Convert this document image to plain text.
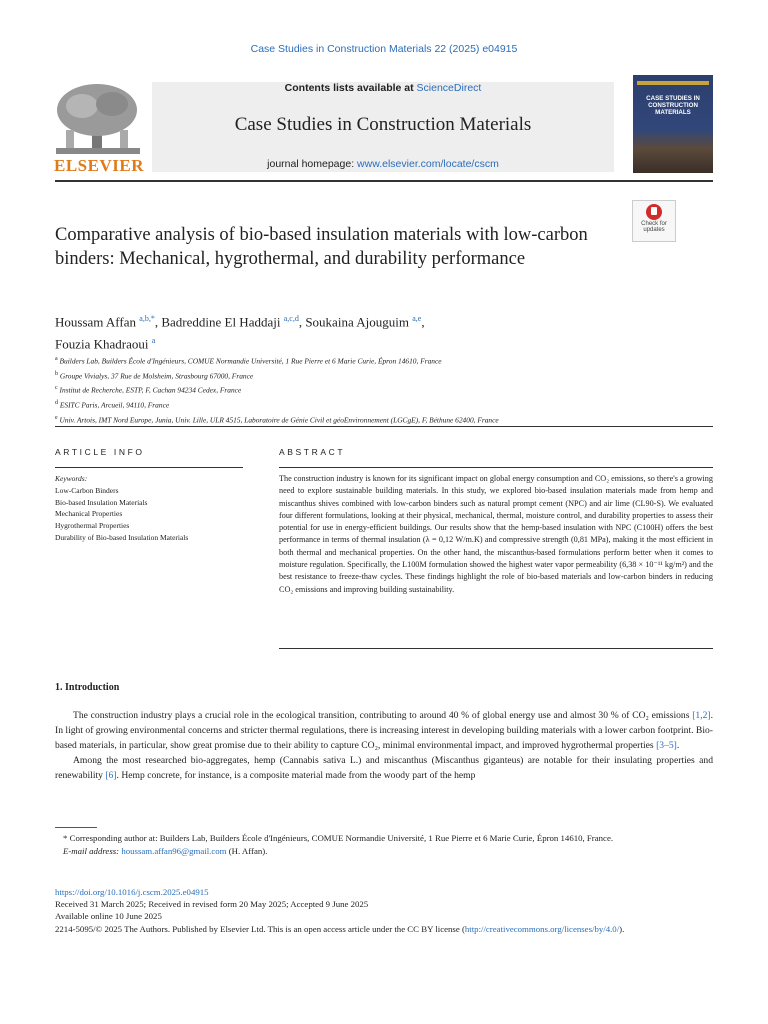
Case Studies in Construction Materials 22 (2025) e04915
ELSEVIER
Contents lists available at ScienceDirect
Case Studies in Construction Materials
journal homepage: www.elsevier.com/locate/cscm
CASE STUDIES IN CONSTRUCTION MATERIALS
Check for updates
Comparative analysis of bio-based insulation materials with low-carbon binders: Mechanical, hygrothermal, and durability performance
Houssam Affan $^{a,b,*}$, Badreddine El Haddaji $^{a,c,d}$, Soukaina Ajouguim $^{a,e}$,
Fouzia Khadraoui $^a$
$^a$ Builders Lab, Builders École d'Ingénieurs, COMUE Normandie Université, 1 Rue Pierre et 6 Marie Curie, Épron 14610, France
$^b$ Groupe Vivialys, 37 Rue de Molsheim, Strasbourg 67000, France
$^c$ Institut de Recherche, ESTP, F, Cachan 94234 Cedex, France
$^d$ ESITC Paris, Arcueil, 94110, France
$^e$ Univ. Artois, IMT Nord Europe, Junia, Univ. Lille, ULR 4515, Laboratoire de Génie Civil et géoEnvironnement (LGCgE), F, Béthune 62400, France
ARTICLE INFO	ABSTRACT
Keywords:
Low-Carbon Binders
Bio-based Insulation Materials
Mechanical Properties
Hygrothermal Properties
Durability of Bio-based Insulation Materials
The construction industry is known for its significant impact on global energy consumption and CO₂ emissions, so there's a growing need to explore sustainable building materials. In this study, we explored bio-based insulation materials made from hemp and miscanthus shives combined with low-carbon binders such as natural prompt cement (NPC) and air lime (CL90-S). We evaluated four different formulations, looking at their physical, mechanical, thermal, moisture control, and durability properties to assess their potential for use in energy-efficient buildings. Our results show that the hemp-based insulation with NPC (C100H) offers the best performance in terms of thermal insulation (λ = 0,12 W/m.K) and compressive strength (0,81 MPa), making it the most efficient in both thermal and mechanical properties. On the other hand, the miscanthus-based formulations perform better when it comes to moisture regulation. Specifically, the L100M formulation showed the highest water vapor permeability (6,38 × 10⁻¹¹ kg/m²) and the best resistance to freeze-thaw cycles. These findings highlight the role of bio-based materials and low-carbon binders in reducing CO₂ emissions and improving building sustainability.
1. Introduction

The construction industry plays a crucial role in the ecological transition, contributing to around 40 % of global energy use and almost 30 % of CO₂ emissions [1,2]. In light of growing environmental concerns and stricter thermal regulations, there is increasing interest in developing building materials with a lower carbon footprint. Bio-based materials, in particular, show great promise due to their ability to capture CO₂, minimal environmental impact, and improved hygrothermal properties [3–5].

Among the most researched bio-aggregates, hemp (Cannabis sativa L.) and miscanthus (Miscanthus giganteus) are notable for their insulating properties and renewability [6]. Hemp concrete, for instance, is a composite material made from the woody part of the hemp

* Corresponding author at: Builders Lab, Builders École d'Ingénieurs, COMUE Normandie Université, 1 Rue Pierre et 6 Marie Curie, Épron 14610, France.

E-mail address: houssam.affan96@gmail.com (H. Affan).

https://doi.org/10.1016/j.cscm.2025.e04915
Received 31 March 2025; Received in revised form 20 May 2025; Accepted 9 June 2025
Available online 10 June 2025
2214-5095/© 2025 The Authors. Published by Elsevier Ltd. This is an open access article under the CC BY license (http://creativecommons.org/licenses/by/4.0/).
